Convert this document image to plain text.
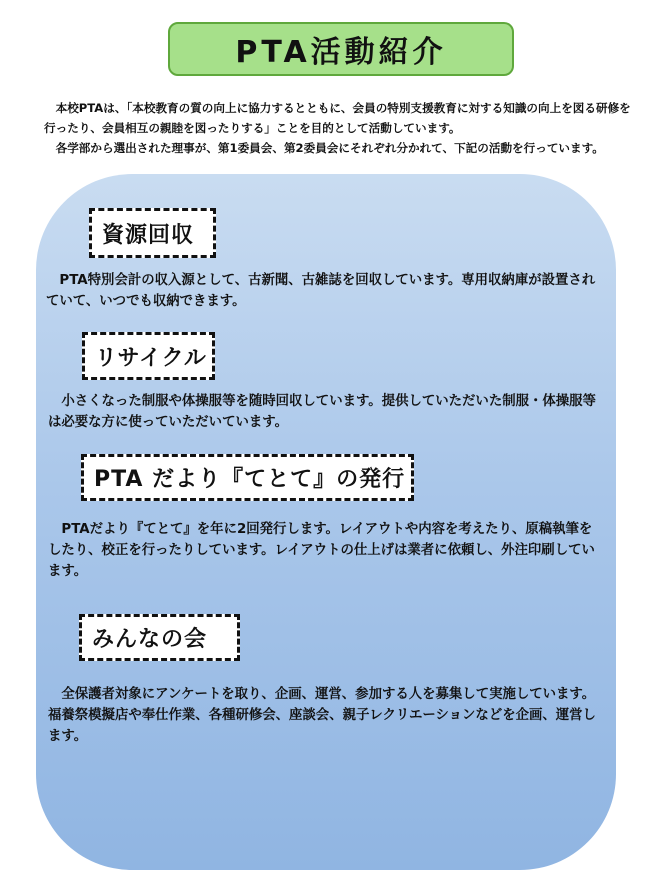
PTA活動紹介

本校PTAは、「本校教育の質の向上に協力するとともに、会員の特別支援教育に対する知識の向上を図る研修を行ったり、会員相互の親睦を図ったりする」ことを目的として活動しています。

各学部から選出された理事が、第1委員会、第2委員会にそれぞれ分かれて、下記の活動を行っています。

資源回収

PTA特別会計の収入源として、古新聞、古雑誌を回収しています。専用収納庫が設置されていて、いつでも収納できます。

リサイクル

小さくなった制服や体操服等を随時回収しています。提供していただいた制服・体操服等は必要な方に使っていただいています。

PTA だより『てとて』の発行

PTAだより『てとて』を年に2回発行します。レイアウトや内容を考えたり、原稿執筆をしたり、校正を行ったりしています。レイアウトの仕上げは業者に依頼し、外注印刷しています。

みんなの会

全保護者対象にアンケートを取り、企画、運営、参加する人を募集して実施しています。福養祭模擬店や奉仕作業、各種研修会、座談会、親子レクリエーションなどを企画、運営します。
